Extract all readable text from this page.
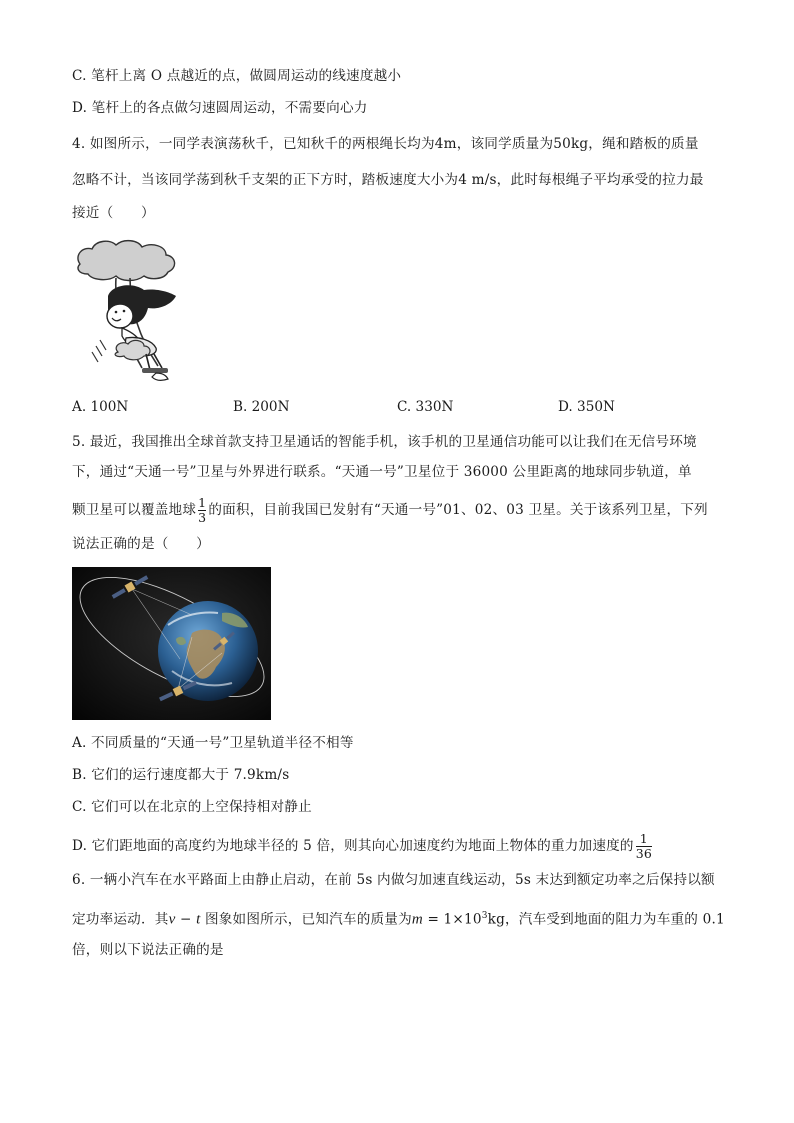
C. 笔杆上离 O 点越近的点，做圆周运动的线速度越小
D. 笔杆上的各点做匀速圆周运动，不需要向心力
4. 如图所示，一同学表演荡秋千，已知秋千的两根绳长均为4m，该同学质量为50kg，绳和踏板的质量
忽略不计，当该同学荡到秋千支架的正下方时，踏板速度大小为4 m/s，此时每根绳子平均承受的拉力最
接近（　　）
A. 100N	B. 200N	C. 330N	D. 350N
5. 最近，我国推出全球首款支持卫星通话的智能手机，该手机的卫星通信功能可以让我们在无信号环境
下，通过“天通一号”卫星与外界进行联系。“天通一号”卫星位于 36000 公里距离的地球同步轨道，单
颗卫星可以覆盖地球 $\frac{1}{3}$ 的面积，目前我国已发射有“天通一号”01、02、03 卫星。关于该系列卫星，下列
说法正确的是（　　）
A. 不同质量的“天通一号”卫星轨道半径不相等
B. 它们的运行速度都大于 7.9km/s
C. 它们可以在北京的上空保持相对静止
D. 它们距地面的高度约为地球半径的 5 倍，则其向心加速度约为地面上物体的重力加速度的 $\frac{1}{36}$
6. 一辆小汽车在水平路面上由静止启动，在前 5s 内做匀加速直线运动，5s 末达到额定功率之后保持以额
定功率运动．其v − t 图象如图所示，已知汽车的质量为$m = 1\times 10^3kg$，汽车受到地面的阻力为车重的 0.1
倍，则以下说法正确的是
